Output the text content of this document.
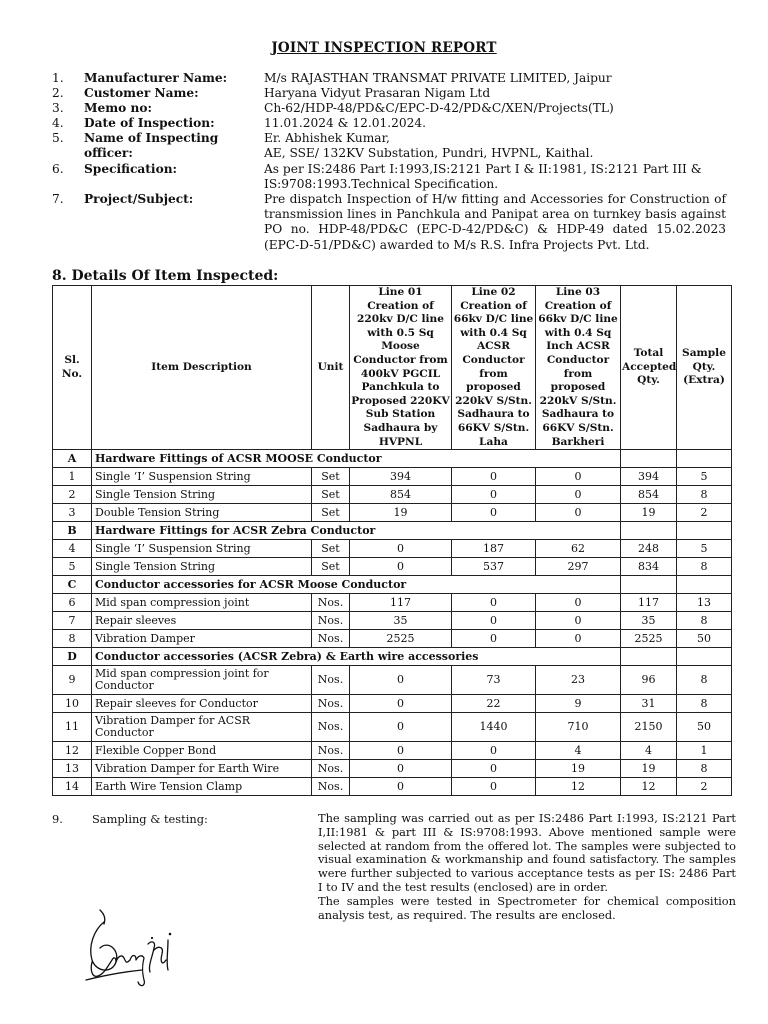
JOINT INSPECTION REPORT
1.	Manufacturer Name:	M/s RAJASTHAN TRANSMAT PRIVATE LIMITED, Jaipur
2.	Customer Name:	Haryana Vidyut Prasaran Nigam Ltd
3.	Memo no:	Ch-62/HDP-48/PD&C/EPC-D-42/PD&C/XEN/Projects(TL)
4.	Date of Inspection:	11.01.2024 & 12.01.2024.
5.	Name of Inspecting officer:
Er. Abhishek Kumar,
AE, SSE/ 132KV Substation, Pundri, HVPNL, Kaithal.
6.	Specification:	As per IS:2486 Part I:1993,IS:2121 Part I & II:1981, IS:2121 Part III & IS:9708:1993.Technical Specification.
7.	Project/Subject:	Pre dispatch Inspection of H/w fitting and Accessories for Construction of transmission lines in Panchkula and Panipat area on turnkey basis against PO no. HDP-48/PD&C (EPC-D-42/PD&C) & HDP-49 dated 15.02.2023 (EPC-D-51/PD&C) awarded to M/s R.S. Infra Projects Pvt. Ltd.
8. Details Of Item Inspected:
Sl. No.	Item Description	Unit	Line 01 Creation of 220kv D/C line with 0.5 Sq Moose Conductor from 400kV PGCIL Panchkula to Proposed 220KV Sub Station Sadhaura by HVPNL	Line 02 Creation of 66kv D/C line with 0.4 Sq ACSR Conductor from proposed 220kV S/Stn. Sadhaura to 66KV S/Stn. Laha	Line 03 Creation of 66kv D/C line with 0.4 Sq Inch ACSR Conductor from proposed 220kV S/Stn. Sadhaura to 66KV S/Stn. Barkheri	Total Accepted Qty.	Sample Qty. (Extra)
A	Hardware Fittings of ACSR MOOSE Conductor						
1	Single ‘I’ Suspension String	Set	394	0	0	394	5
2	Single Tension String	Set	854	0	0	854	8
3	Double Tension String	Set	19	0	0	19	2
B	Hardware Fittings for ACSR Zebra Conductor						
4	Single ‘I’ Suspension String	Set	0	187	62	248	5
5	Single Tension String	Set	0	537	297	834	8
C	Conductor accessories for ACSR Moose Conductor						
6	Mid span compression joint	Nos.	117	0	0	117	13
7	Repair sleeves	Nos.	35	0	0	35	8
8	Vibration Damper	Nos.	2525	0	0	2525	50
D	Conductor accessories (ACSR Zebra) & Earth wire accessories						
9	Mid span compression joint for Conductor	Nos.	0	73	23	96	8
10	Repair sleeves for Conductor	Nos.	0	22	9	31	8
11	Vibration Damper for ACSR Conductor	Nos.	0	1440	710	2150	50
12	Flexible Copper Bond	Nos.	0	0	4	4	1
13	Vibration Damper for Earth Wire	Nos.	0	0	19	19	8
14	Earth Wire Tension Clamp	Nos.	0	0	12	12	2
9.	Sampling & testing:	The sampling was carried out as per IS:2486 Part I:1993, IS:2121 Part I,II:1981 & part III & IS:9708:1993. Above mentioned sample were selected at random from the offered lot. The samples were subjected to visual examination & workmanship and found satisfactory. The samples were further subjected to various acceptance tests as per IS: 2486 Part I to IV and the test results (enclosed) are in order.

The samples were tested in Spectrometer for chemical composition analysis test, as required. The results are enclosed.
